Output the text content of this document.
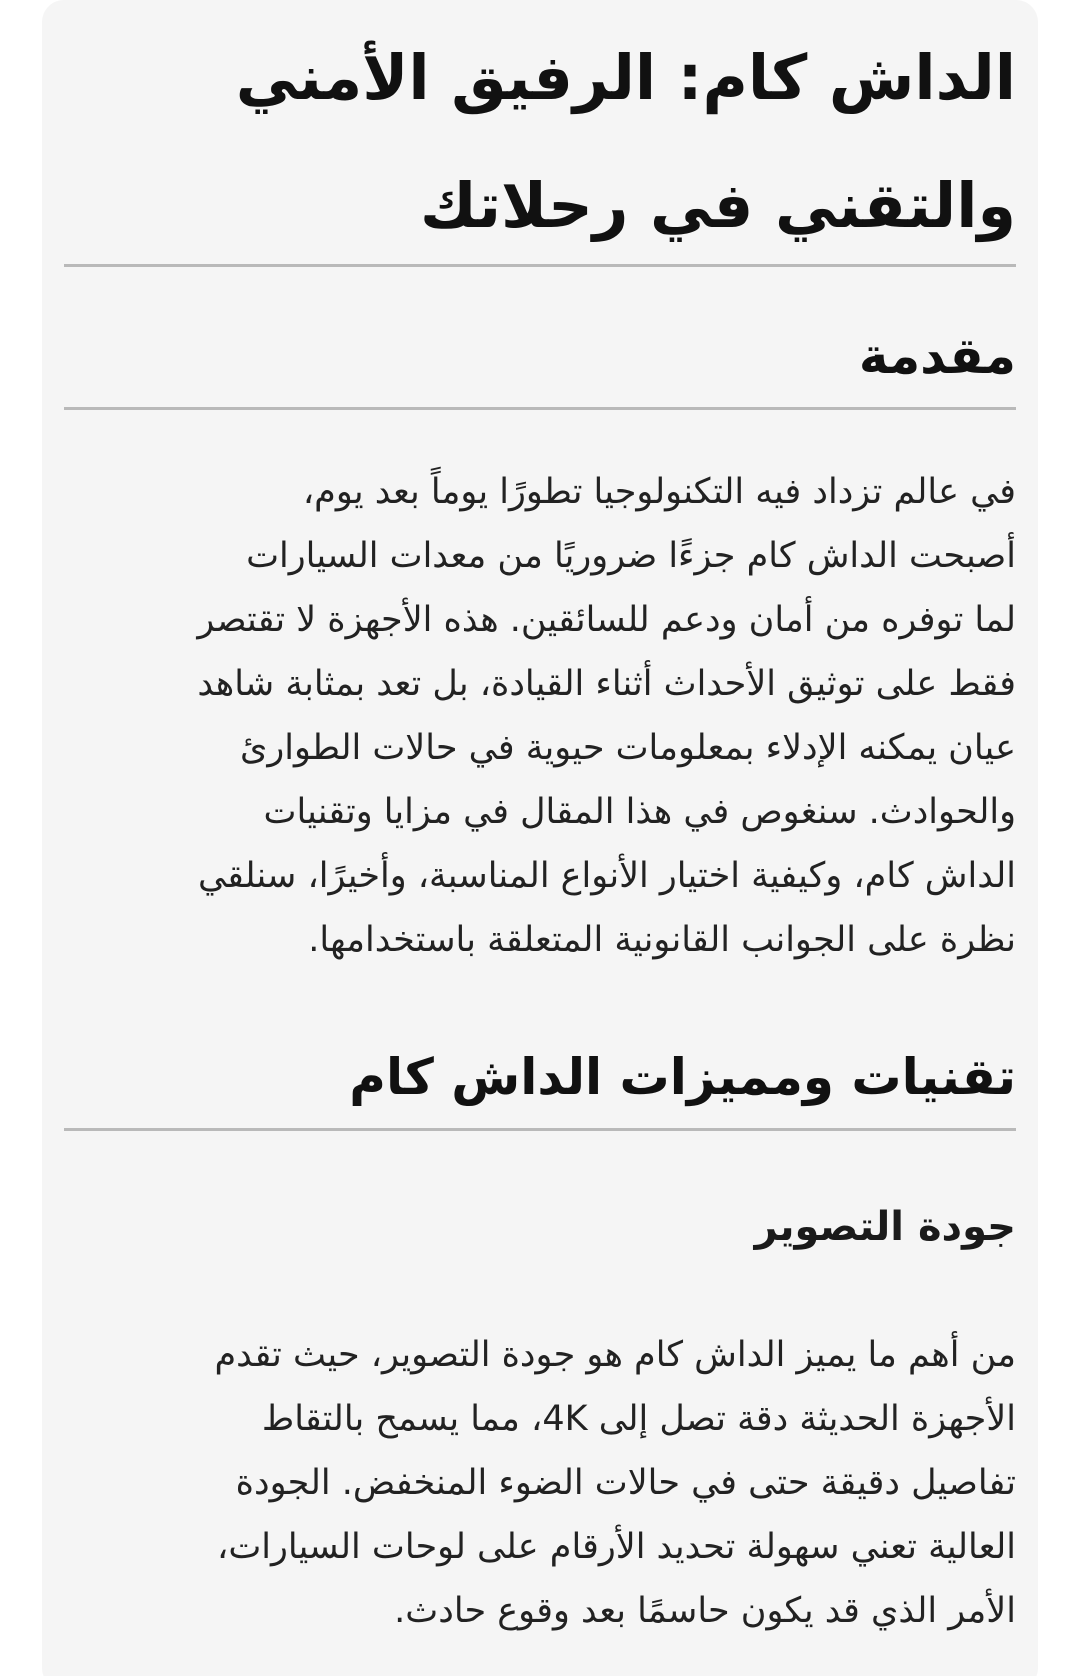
الداش كام: الرفيق الأمني
والتقني في رحلاتك
مقدمة
في عالم تزداد فيه التكنولوجيا تطورًا يوماً بعد يوم،
أصبحت الداش كام جزءًا ضروريًا من معدات السيارات
لما توفره من أمان ودعم للسائقين. هذه الأجهزة لا تقتصر
فقط على توثيق الأحداث أثناء القيادة، بل تعد بمثابة شاهد
عيان يمكنه الإدلاء بمعلومات حيوية في حالات الطوارئ
والحوادث. سنغوص في هذا المقال في مزايا وتقنيات
الداش كام، وكيفية اختيار الأنواع المناسبة، وأخيرًا، سنلقي
نظرة على الجوانب القانونية المتعلقة باستخدامها.
تقنيات ومميزات الداش كام
جودة التصوير
من أهم ما يميز الداش كام هو جودة التصوير، حيث تقدم
الأجهزة الحديثة دقة تصل إلى 4K، مما يسمح بالتقاط
تفاصيل دقيقة حتى في حالات الضوء المنخفض. الجودة
العالية تعني سهولة تحديد الأرقام على لوحات السيارات،
الأمر الذي قد يكون حاسمًا بعد وقوع حادث.
